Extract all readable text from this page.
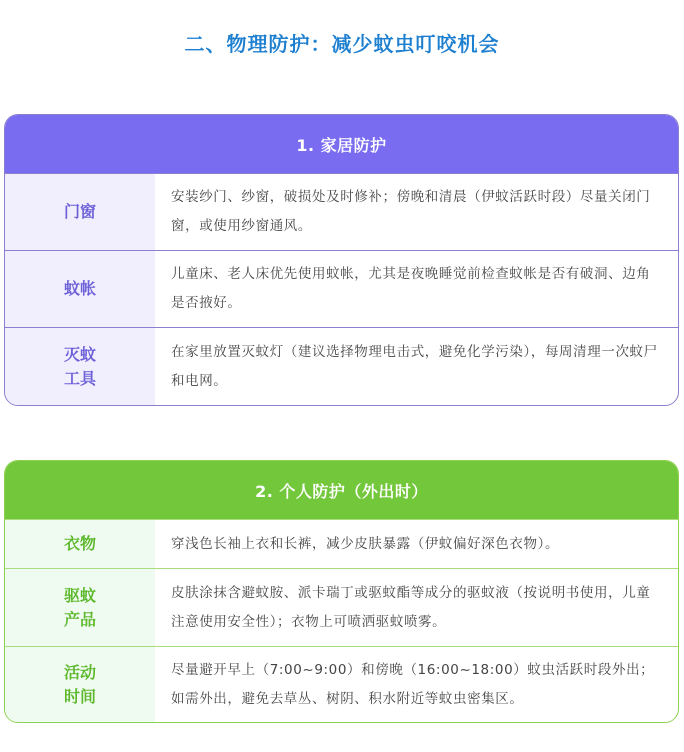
二、物理防护：减少蚊虫叮咬机会
1. 家居防护
门窗
安装纱门、纱窗，破损处及时修补；傍晚和清晨（伊蚊活跃时段）尽量关闭门窗，或使用纱窗通风。
蚊帐
儿童床、老人床优先使用蚊帐，尤其是夜晚睡觉前检查蚊帐是否有破洞、边角是否掖好。
灭蚊
工具
在家里放置灭蚊灯（建议选择物理电击式，避免化学污染），每周清理一次蚊尸和电网。
2. 个人防护（外出时）
衣物	穿浅色长袖上衣和长裤，减少皮肤暴露（伊蚊偏好深色衣物）。
驱蚊
产品
皮肤涂抹含避蚊胺、派卡瑞丁或驱蚊酯等成分的驱蚊液（按说明书使用，儿童注意使用安全性）；衣物上可喷洒驱蚊喷雾。
活动
时间
尽量避开早上（7:00~9:00）和傍晚（16:00~18:00）蚊虫活跃时段外出；如需外出，避免去草丛、树阴、积水附近等蚊虫密集区。
